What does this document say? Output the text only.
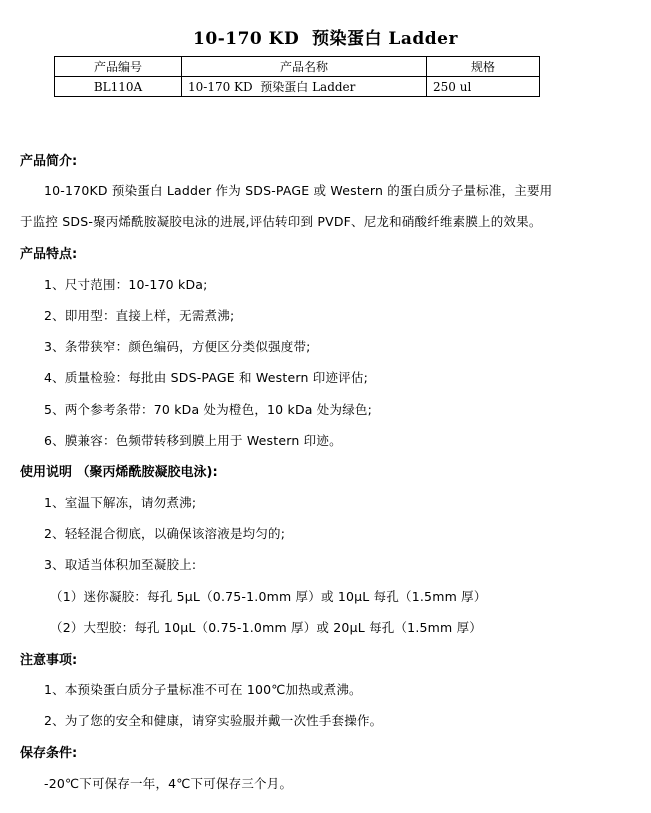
10-170 KD  预染蛋白 Ladder
产品编号	产品名称	规格
BL110A	10-170 KD  预染蛋白 Ladder	250 ul
产品简介:
10-170KD 预染蛋白 Ladder 作为 SDS-PAGE 或 Western 的蛋白质分子量标准，主要用
于监控 SDS-聚丙烯酰胺凝胶电泳的进展,评估转印到 PVDF、尼龙和硝酸纤维素膜上的效果。
产品特点:
1、尺寸范围：10-170 kDa;
2、即用型：直接上样，无需煮沸;
3、条带狭窄：颜色编码，方便区分类似强度带;
4、质量检验：每批由 SDS-PAGE 和 Western 印迹评估;
5、两个参考条带：70 kDa 处为橙色，10 kDa 处为绿色;
6、膜兼容：色频带转移到膜上用于 Western 印迹。
使用说明 （聚丙烯酰胺凝胶电泳):
1、室温下解冻，请勿煮沸;
2、轻轻混合彻底，以确保该溶液是均匀的;
3、取适当体积加至凝胶上:
（1）迷你凝胶：每孔 5μL（0.75-1.0mm 厚）或 10μL 每孔（1.5mm 厚）
（2）大型胶：每孔 10μL（0.75-1.0mm 厚）或 20μL 每孔（1.5mm 厚）
注意事项:
1、本预染蛋白质分子量标准不可在 100℃加热或煮沸。
2、为了您的安全和健康，请穿实验服并戴一次性手套操作。
保存条件:
-20℃下可保存一年，4℃下可保存三个月。
